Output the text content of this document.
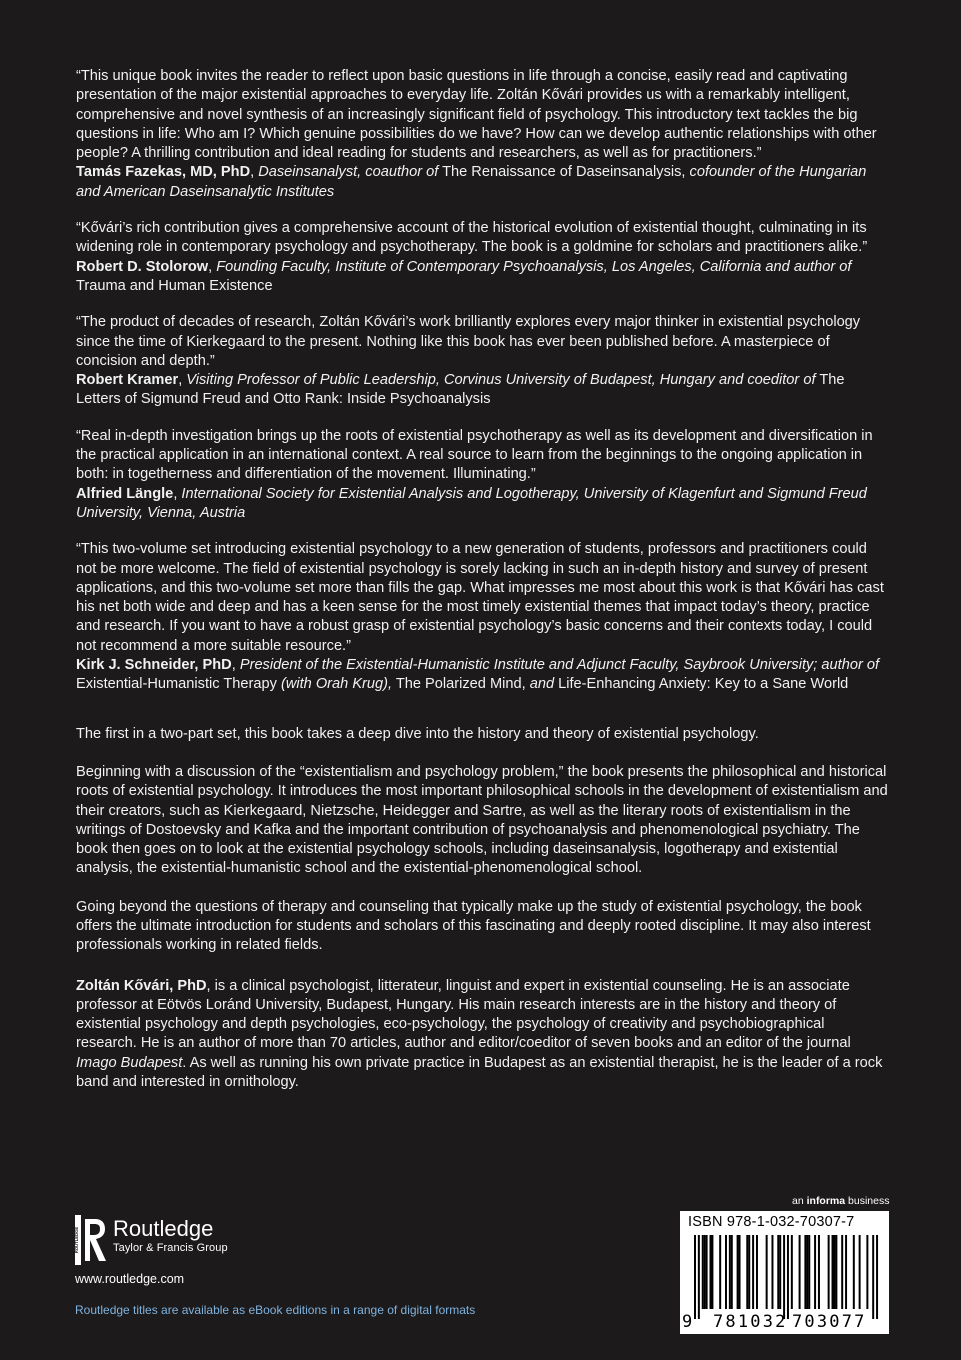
“This unique book invites the reader to reflect upon basic questions in life through a concise, easily read and captivating presentation of the major existential approaches to everyday life. Zoltán Kővári provides us with a remarkably intelligent, comprehensive and novel synthesis of an increasingly significant field of psychology. This introductory text tackles the big questions in life: Who am I? Which genuine possibilities do we have? How can we develop authentic relationships with other people? A thrilling contribution and ideal reading for students and researchers, as well as for practitioners.”

Tamás Fazekas, MD, PhD, Daseinsanalyst, coauthor of The Renaissance of Daseinsanalysis, cofounder of the Hungarian and American Daseinsanalytic Institutes

“Kővári’s rich contribution gives a comprehensive account of the historical evolution of existential thought, culminating in its widening role in contemporary psychology and psychotherapy. The book is a goldmine for scholars and practitioners alike.”

Robert D. Stolorow, Founding Faculty, Institute of Contemporary Psychoanalysis, Los Angeles, California and author of Trauma and Human Existence

“The product of decades of research, Zoltán Kővári’s work brilliantly explores every major thinker in existential psychology since the time of Kierkegaard to the present. Nothing like this book has ever been published before. A masterpiece of concision and depth.”

Robert Kramer, Visiting Professor of Public Leadership, Corvinus University of Budapest, Hungary and coeditor of The Letters of Sigmund Freud and Otto Rank: Inside Psychoanalysis

“Real in-depth investigation brings up the roots of existential psychotherapy as well as its development and diversification in the practical application in an international context. A real source to learn from the beginnings to the ongoing application in both: in togetherness and differentiation of the movement. Illuminating.”

Alfried Längle, International Society for Existential Analysis and Logotherapy, University of Klagenfurt and Sigmund Freud University, Vienna, Austria

“This two-volume set introducing existential psychology to a new generation of students, professors and practitioners could not be more welcome. The field of existential psychology is sorely lacking in such an in-depth history and survey of present applications, and this two-volume set more than fills the gap. What impresses me most about this work is that Kővári has cast his net both wide and deep and has a keen sense for the most timely existential themes that impact today’s theory, practice and research. If you want to have a robust grasp of existential psychology’s basic concerns and their contexts today, I could not recommend a more suitable resource.”

Kirk J. Schneider, PhD, President of the Existential-Humanistic Institute and Adjunct Faculty, Saybrook University; author of Existential-Humanistic Therapy (with Orah Krug), The Polarized Mind, and Life-Enhancing Anxiety: Key to a Sane World

The first in a two-part set, this book takes a deep dive into the history and theory of existential psychology.

Beginning with a discussion of the “existentialism and psychology problem,” the book presents the philosophical and historical roots of existential psychology. It introduces the most important philosophical schools in the development of existentialism and their creators, such as Kierkegaard, Nietzsche, Heidegger and Sartre, as well as the literary roots of existentialism in the writings of Dostoevsky and Kafka and the important contribution of psychoanalysis and phenomenological psychiatry. The book then goes on to look at the existential psychology schools, including daseinsanalysis, logotherapy and existential analysis, the existential-humanistic school and the existential-phenomenological school.

Going beyond the questions of therapy and counseling that typically make up the study of existential psychology, the book offers the ultimate introduction for students and scholars of this fascinating and deeply rooted discipline. It may also interest professionals working in related fields.

Zoltán Kővári, PhD, is a clinical psychologist, litterateur, linguist and expert in existential counseling. He is an associate professor at Eötvös Loránd University, Budapest, Hungary. His main research interests are in the history and theory of existential psychology and depth psychologies, eco-psychology, the psychology of creativity and psychobiographical research. He is an author of more than 70 articles, author and editor/coeditor of seven books and an editor of the journal Imago Budapest. As well as running his own private practice in Budapest as an existential therapist, he is the leader of a rock band and interested in ornithology.

ROUTLEDGE Routledge
Taylor & Francis Group
www.routledge.com
Routledge titles are available as eBook editions in a range of digital formats
an informa business
ISBN 978-1-032-70307-7
9 781032 703077
